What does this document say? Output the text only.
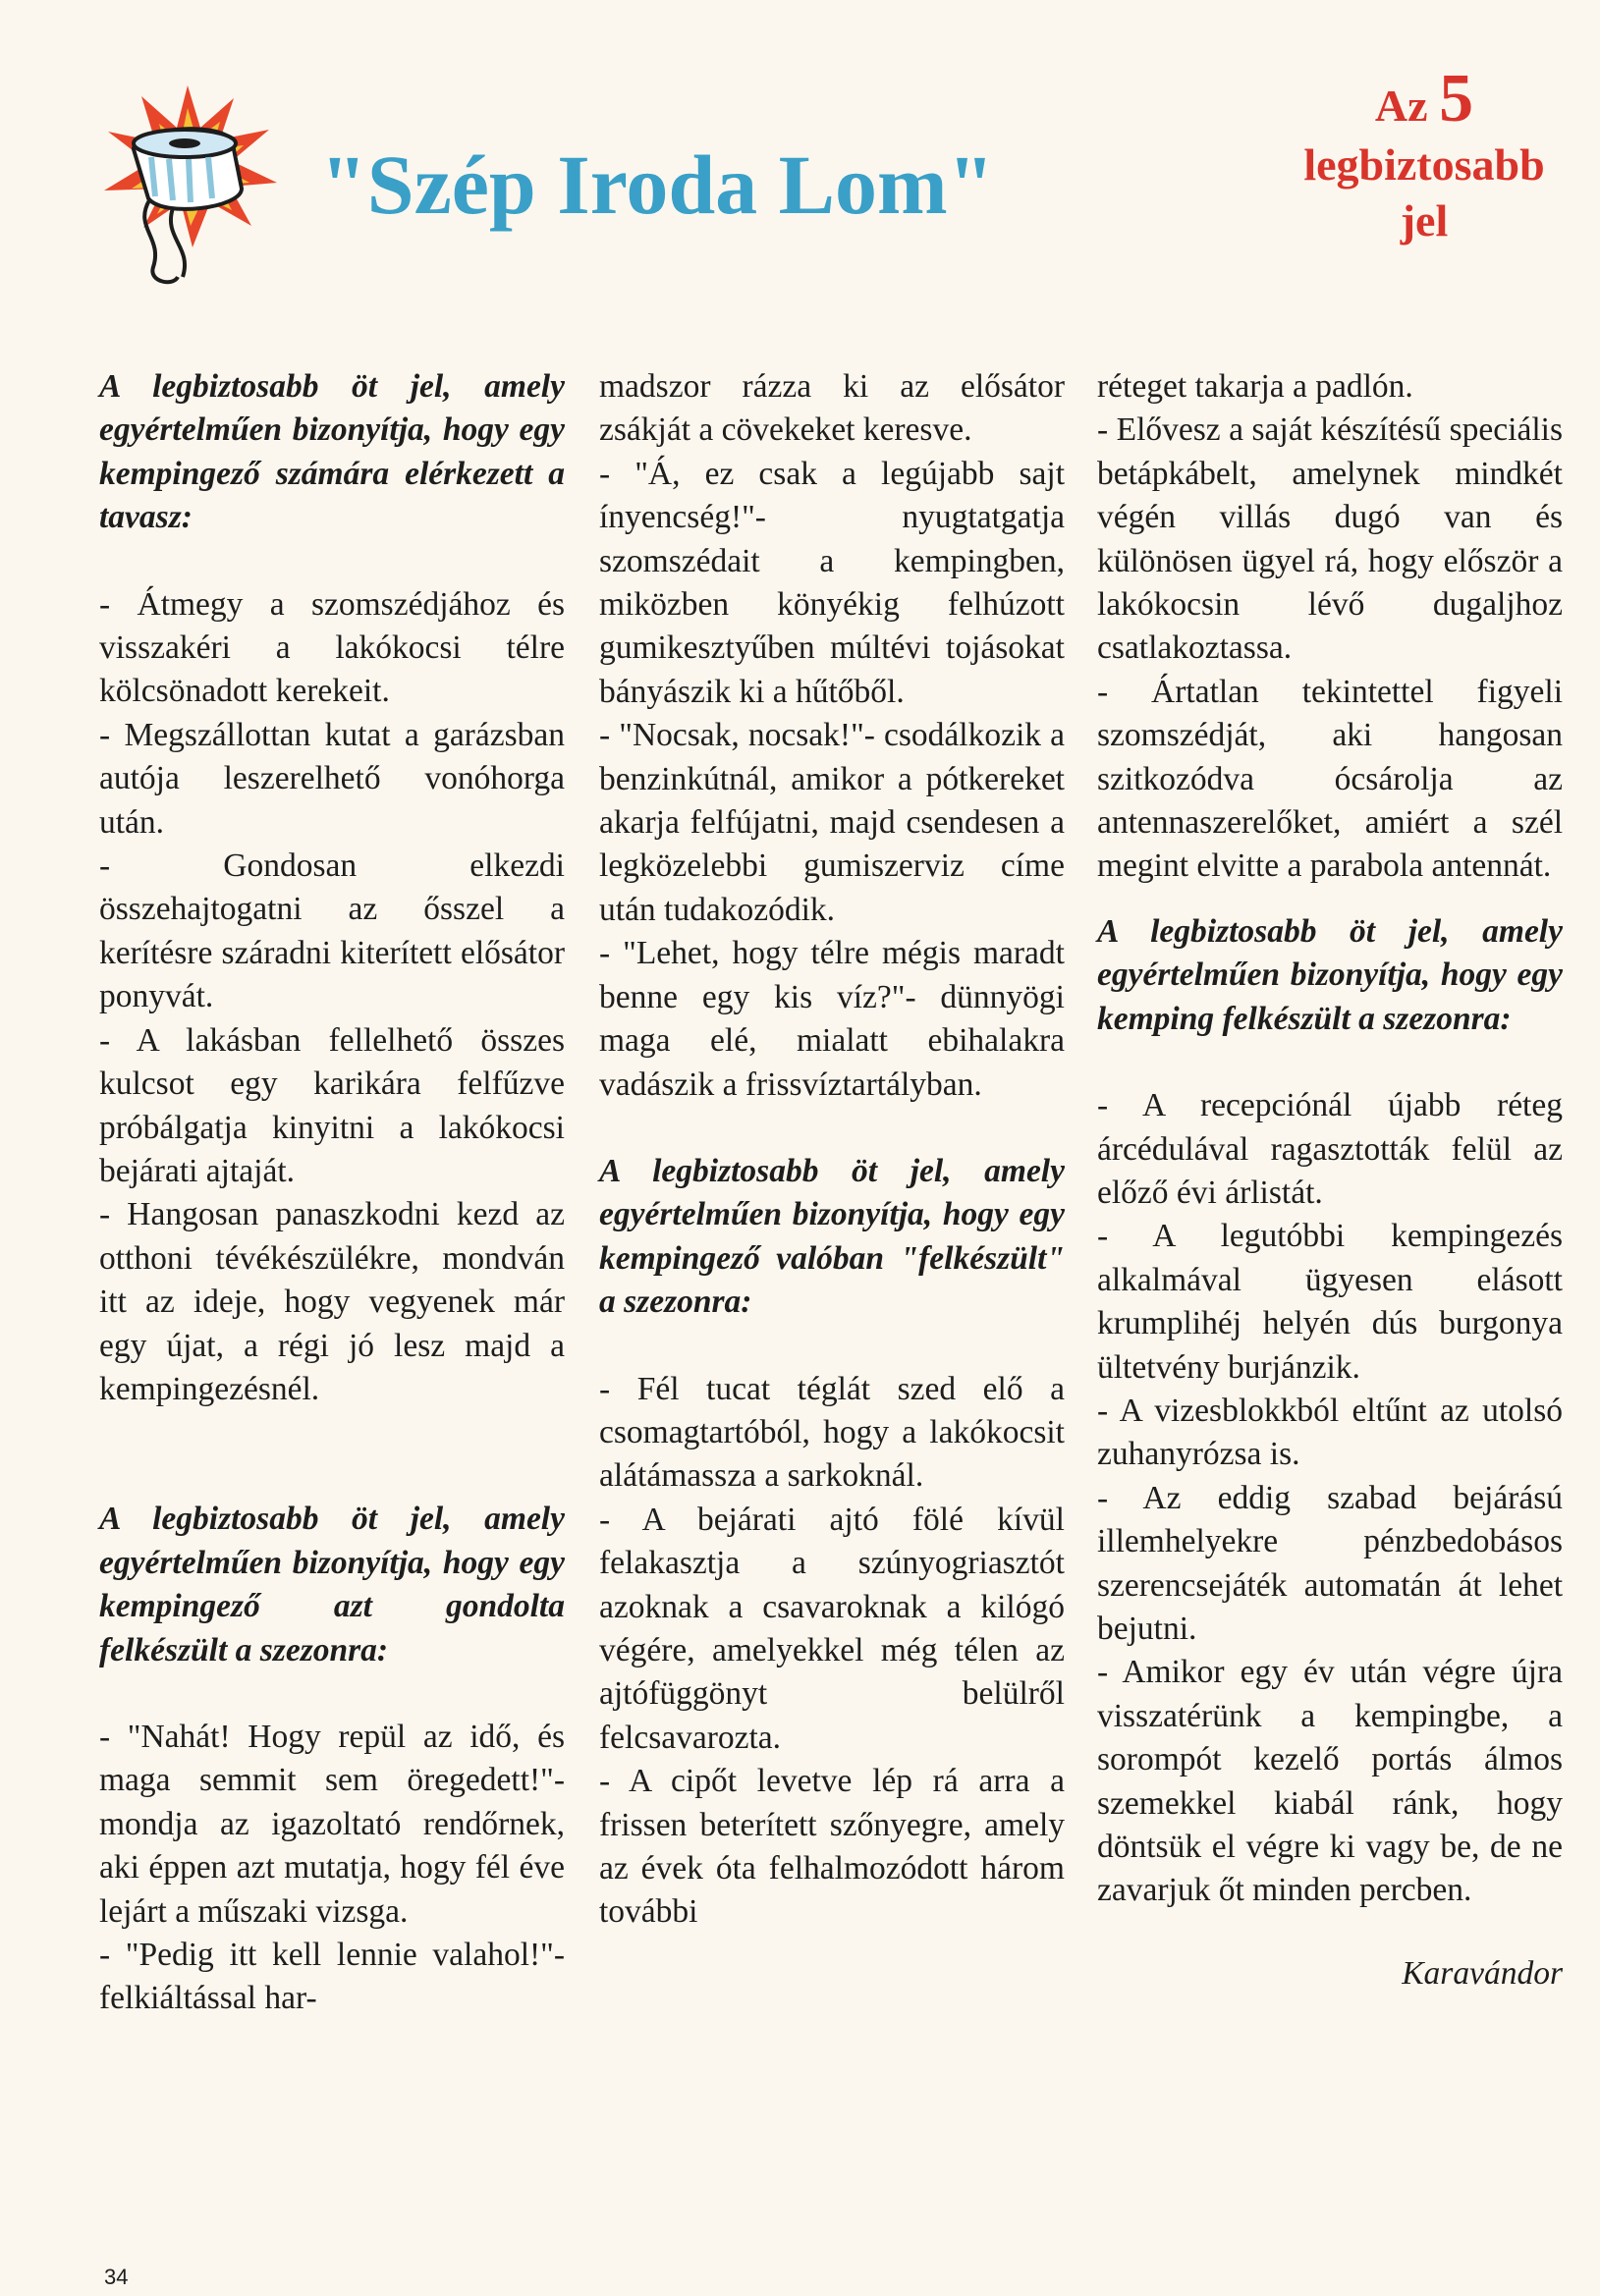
"Szép Iroda Lom"
Az 5
legbiztosabb
jel

A legbiztosabb öt jel, amely egyértelműen bizonyítja, hogy egy kempingező számára elérkezett a tavasz:

- Átmegy a szomszédjához és visszakéri a lakókocsi télre kölcsönadott kerekeit.

- Megszállottan kutat a garázsban autója leszerelhető vonóhorga után.

- Gondosan elkezdi összehajtogatni az ősszel a kerítésre száradni kiterített elősátor ponyvát.

- A lakásban fellelhető összes kulcsot egy karikára felfűzve próbálgatja kinyitni a lakókocsi bejárati ajtaját.

- Hangosan panaszkodni kezd az otthoni tévékészülékre, mondván itt az ideje, hogy vegyenek már egy újat, a régi jó lesz majd a kempingezésnél.

A legbiztosabb öt jel, amely egyértelműen bizonyítja, hogy egy kempingező azt gondolta felkészült a szezonra:

- "Nahát! Hogy repül az idő, és maga semmit sem öregedett!"- mondja az igazoltató rendőrnek, aki éppen azt mutatja, hogy fél éve lejárt a műszaki vizsga.

- "Pedig itt kell lennie valahol!"- felkiáltással har-

madszor rázza ki az elősátor zsákját a cövekeket keresve.

- "Á, ez csak a legújabb sajt ínyencség!"- nyugtatgatja szomszédait a kempingben, miközben könyékig felhúzott gumikesztyűben múltévi tojásokat bányászik ki a hűtőből.

- "Nocsak, nocsak!"- csodálkozik a benzinkútnál, amikor a pótkereket akarja felfújatni, majd csendesen a legközelebbi gumiszerviz címe után tudakozódik.

- "Lehet, hogy télre mégis maradt benne egy kis víz?"- dünnyögi maga elé, mialatt ebihalakra vadászik a frissvíztartályban.

A legbiztosabb öt jel, amely egyértelműen bizonyítja, hogy egy kempingező valóban "felkészült" a szezonra:

- Fél tucat téglát szed elő a csomagtartóból, hogy a lakókocsit alátámassza a sarkoknál.

- A bejárati ajtó fölé kívül felakasztja a szúnyogriasztót azoknak a csavaroknak a kilógó végére, amelyekkel még télen az ajtófüggönyt belülről felcsavarozta.

- A cipőt levetve lép rá arra a frissen beterített szőnyegre, amely az évek óta felhalmozódott három további

réteget takarja a padlón.

- Elővesz a saját készítésű speciális betápkábelt, amelynek mindkét végén villás dugó van és különösen ügyel rá, hogy először a lakókocsin lévő dugaljhoz csatlakoztassa.

- Ártatlan tekintettel figyeli szomszédját, aki hangosan szitkozódva ócsárolja az antennaszerelőket, amiért a szél megint elvitte a parabola antennát.

A legbiztosabb öt jel, amely egyértelműen bizonyítja, hogy egy kemping felkészült a szezonra:

- A recepciónál újabb réteg árcédulával ragasztották felül az előző évi árlistát.

- A legutóbbi kempingezés alkalmával ügyesen elásott krumplihéj helyén dús burgonya ültetvény burjánzik.

- A vizesblokkból eltűnt az utolsó zuhanyrózsa is.

- Az eddig szabad bejárású illemhelyekre pénzbedobásos szerencsejáték automatán át lehet bejutni.

- Amikor egy év után végre újra visszatérünk a kempingbe, a sorompót kezelő portás álmos szemekkel kiabál ránk, hogy döntsük el végre ki vagy be, de ne zavarjuk őt minden percben.

Karavándor

34
